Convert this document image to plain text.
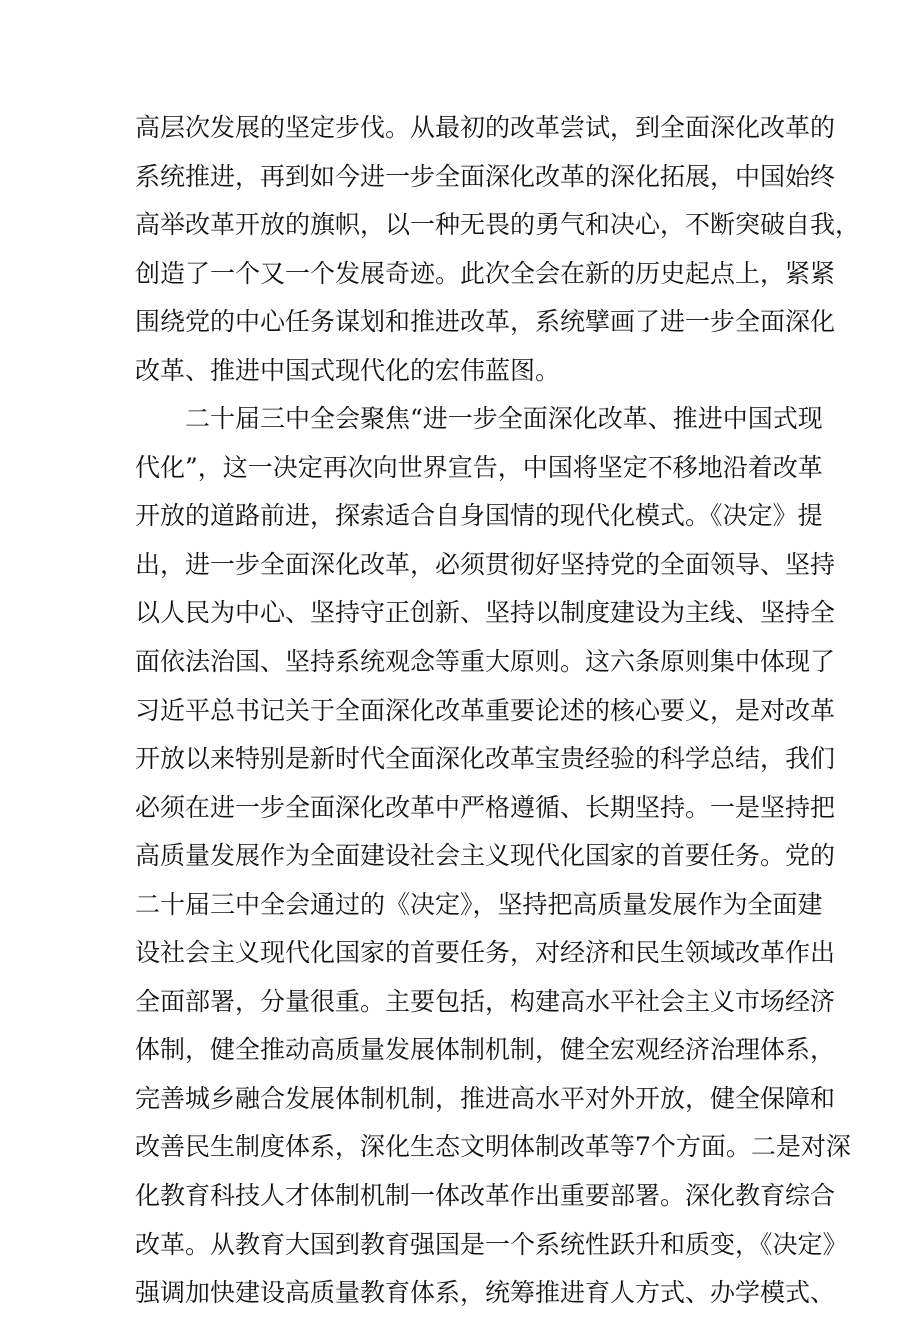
高层次发展的坚定步伐。从最初的改革尝试，到全面深化改革的
系统推进，再到如今进一步全面深化改革的深化拓展，中国始终
高举改革开放的旗帜，以一种无畏的勇气和决心，不断突破自我，
创造了一个又一个发展奇迹。此次全会在新的历史起点上，紧紧
围绕党的中心任务谋划和推进改革，系统擘画了进一步全面深化
改革、推进中国式现代化的宏伟蓝图。
　　二十届三中全会聚焦“进一步全面深化改革、推进中国式现
代化”，这一决定再次向世界宣告，中国将坚定不移地沿着改革
开放的道路前进，探索适合自身国情的现代化模式。《决定》提
出，进一步全面深化改革，必须贯彻好坚持党的全面领导、坚持
以人民为中心、坚持守正创新、坚持以制度建设为主线、坚持全
面依法治国、坚持系统观念等重大原则。这六条原则集中体现了
习近平总书记关于全面深化改革重要论述的核心要义，是对改革
开放以来特别是新时代全面深化改革宝贵经验的科学总结，我们
必须在进一步全面深化改革中严格遵循、长期坚持。一是坚持把
高质量发展作为全面建设社会主义现代化国家的首要任务。党的
二十届三中全会通过的《决定》，坚持把高质量发展作为全面建
设社会主义现代化国家的首要任务，对经济和民生领域改革作出
全面部署，分量很重。主要包括，构建高水平社会主义市场经济
体制，健全推动高质量发展体制机制，健全宏观经济治理体系，
完善城乡融合发展体制机制，推进高水平对外开放，健全保障和
改善民生制度体系，深化生态文明体制改革等7个方面。二是对深
化教育科技人才体制机制一体改革作出重要部署。深化教育综合
改革。从教育大国到教育强国是一个系统性跃升和质变，《决定》
强调加快建设高质量教育体系，统筹推进育人方式、办学模式、
